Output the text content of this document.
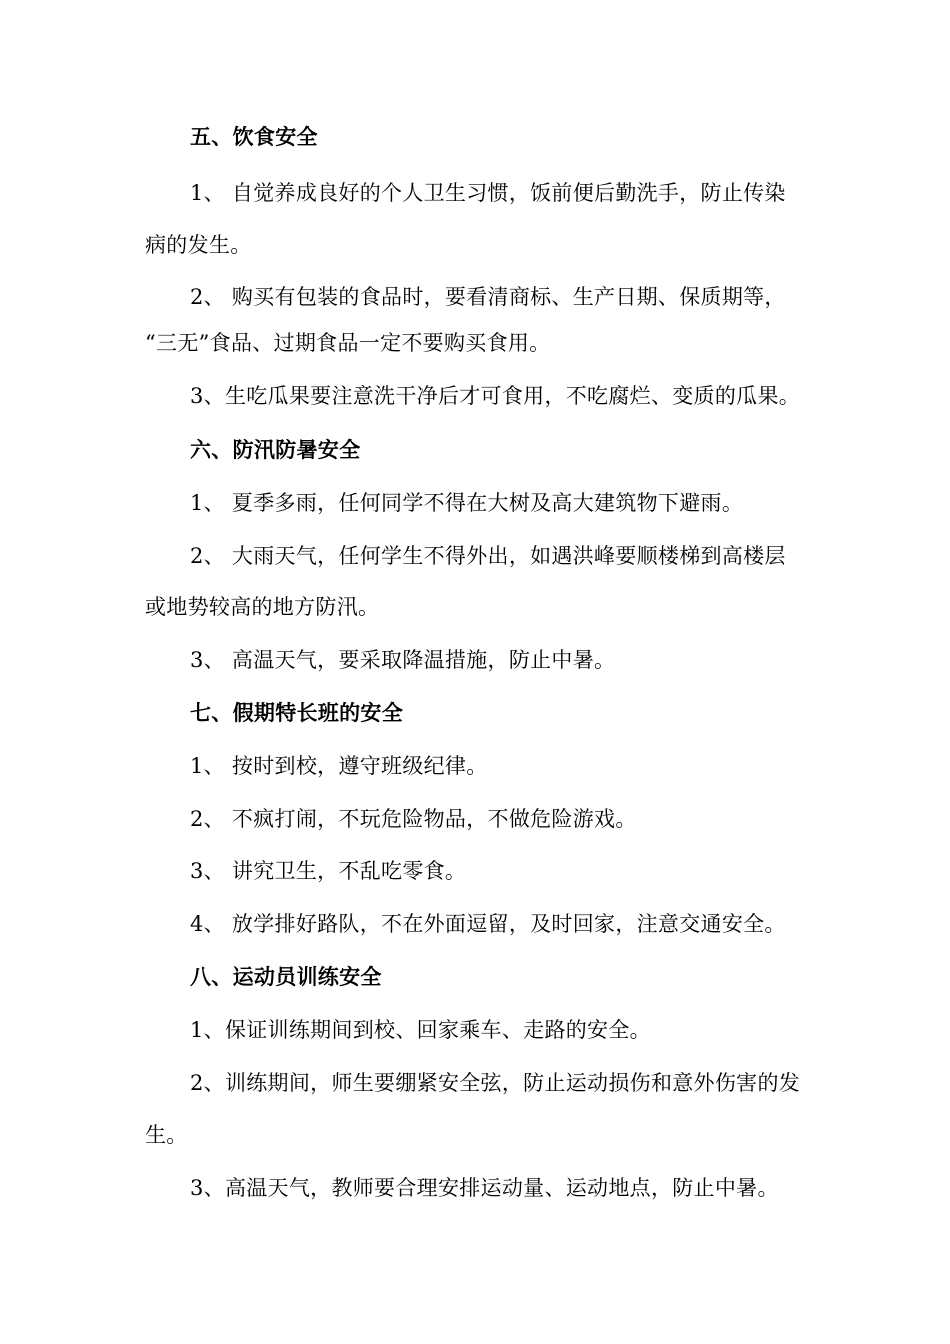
五、饮食安全
1、 自觉养成良好的个人卫生习惯，饭前便后勤洗手，防止传染
病的发生。
2、 购买有包装的食品时，要看清商标、生产日期、保质期等，
“三无”食品、过期食品一定不要购买食用。
3、生吃瓜果要注意洗干净后才可食用，不吃腐烂、变质的瓜果。
六、防汛防暑安全
1、 夏季多雨，任何同学不得在大树及高大建筑物下避雨。
2、 大雨天气，任何学生不得外出，如遇洪峰要顺楼梯到高楼层
或地势较高的地方防汛。
3、 高温天气，要采取降温措施，防止中暑。
七、假期特长班的安全
1、 按时到校，遵守班级纪律。
2、 不疯打闹，不玩危险物品，不做危险游戏。
3、 讲究卫生，不乱吃零食。
4、 放学排好路队，不在外面逗留，及时回家，注意交通安全。
八、运动员训练安全
1、保证训练期间到校、回家乘车、走路的安全。
2、训练期间，师生要绷紧安全弦，防止运动损伤和意外伤害的发
生。
3、高温天气，教师要合理安排运动量、运动地点，防止中暑。
